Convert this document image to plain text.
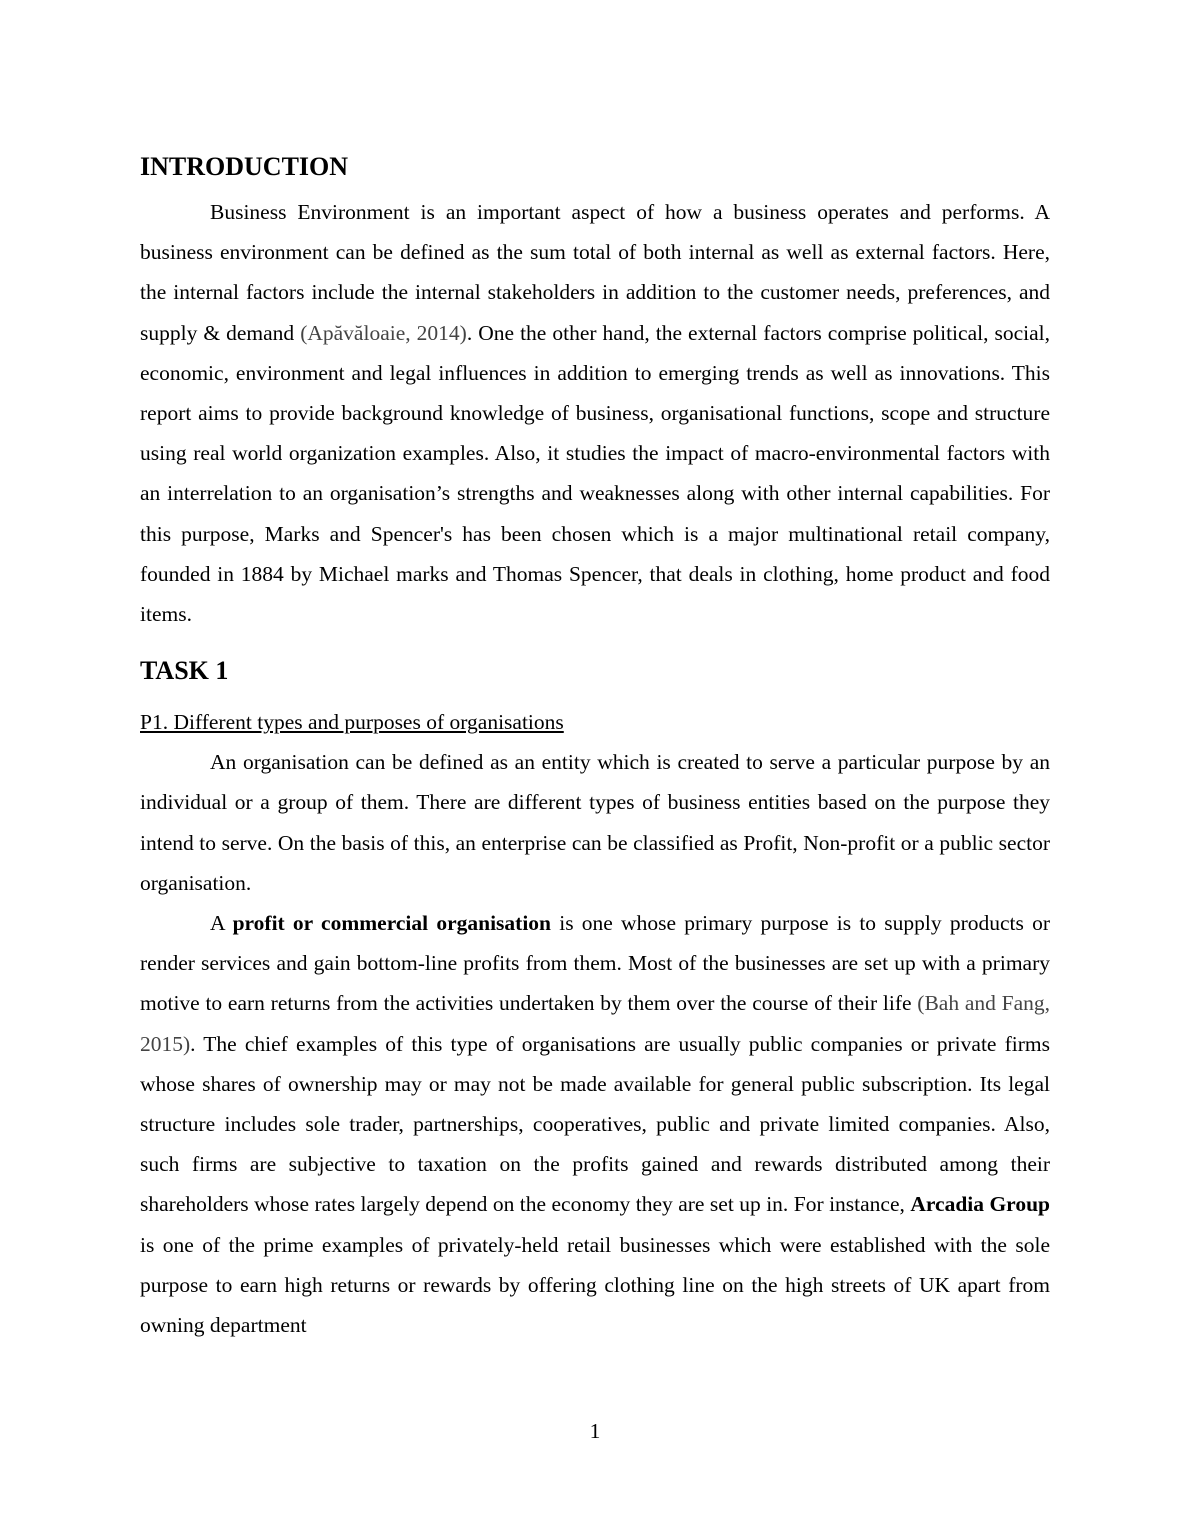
INTRODUCTION

Business Environment is an important aspect of how a business operates and performs. A business environment can be defined as the sum total of both internal as well as external factors. Here, the internal factors include the internal stakeholders in addition to the customer needs, preferences, and supply & demand (Apăvăloaie, 2014). One the other hand, the external factors comprise political, social, economic, environment and legal influences in addition to emerging trends as well as innovations. This report aims to provide background knowledge of business, organisational functions, scope and structure using real world organization examples. Also, it studies the impact of macro-environmental factors with an interrelation to an organisation’s strengths and weaknesses along with other internal capabilities. For this purpose, Marks and Spencer's has been chosen which is a major multinational retail company, founded in 1884 by Michael marks and Thomas Spencer, that deals in clothing, home product and food items.

TASK 1
P1. Different types and purposes of organisations

An organisation can be defined as an entity which is created to serve a particular purpose by an individual or a group of them. There are different types of business entities based on the purpose they intend to serve. On the basis of this, an enterprise can be classified as Profit, Non-profit or a public sector organisation.

A profit or commercial organisation is one whose primary purpose is to supply products or render services and gain bottom-line profits from them. Most of the businesses are set up with a primary motive to earn returns from the activities undertaken by them over the course of their life (Bah and Fang, 2015). The chief examples of this type of organisations are usually public companies or private firms whose shares of ownership may or may not be made available for general public subscription. Its legal structure includes sole trader, partnerships, cooperatives, public and private limited companies. Also, such firms are subjective to taxation on the profits gained and rewards distributed among their shareholders whose rates largely depend on the economy they are set up in. For instance, Arcadia Group is one of the prime examples of privately-held retail businesses which were established with the sole purpose to earn high returns or rewards by offering clothing line on the high streets of UK apart from owning department

1
